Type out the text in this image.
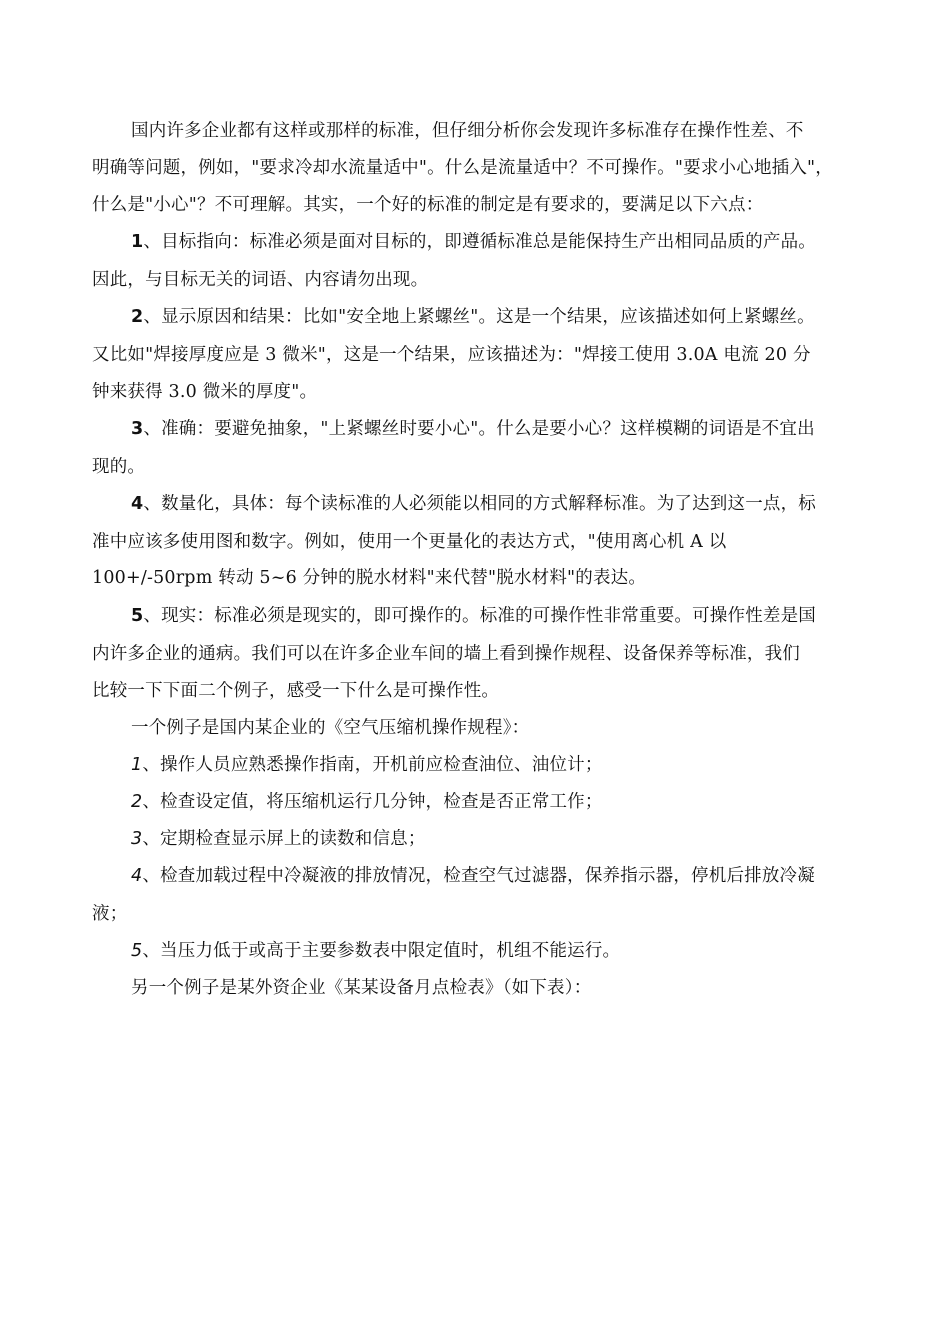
国内许多企业都有这样或那样的标准，但仔细分析你会发现许多标准存在操作性差、不
明确等问题，例如，"要求冷却水流量适中"。什么是流量适中？不可操作。"要求小心地插入"，
什么是"小心"？不可理解。其实，一个好的标准的制定是有要求的，要满足以下六点：
1、目标指向：标准必须是面对目标的，即遵循标准总是能保持生产出相同品质的产品。
因此，与目标无关的词语、内容请勿出现。
2、显示原因和结果：比如"安全地上紧螺丝"。这是一个结果，应该描述如何上紧螺丝。
又比如"焊接厚度应是 3 微米"，这是一个结果，应该描述为："焊接工使用 3.0A 电流 20 分
钟来获得 3.0 微米的厚度"。
3、准确：要避免抽象，"上紧螺丝时要小心"。什么是要小心？这样模糊的词语是不宜出
现的。
4、数量化，具体：每个读标准的人必须能以相同的方式解释标准。为了达到这一点，标
准中应该多使用图和数字。例如，使用一个更量化的表达方式，"使用离心机 A 以
100+/-50rpm 转动 5~6 分钟的脱水材料"来代替"脱水材料"的表达。
5、现实：标准必须是现实的，即可操作的。标准的可操作性非常重要。可操作性差是国
内许多企业的通病。我们可以在许多企业车间的墙上看到操作规程、设备保养等标准，我们
比较一下下面二个例子，感受一下什么是可操作性。
一个例子是国内某企业的《空气压缩机操作规程》：
1、操作人员应熟悉操作指南，开机前应检查油位、油位计；
2、检查设定值，将压缩机运行几分钟，检查是否正常工作；
3、定期检查显示屏上的读数和信息；
4、检查加载过程中冷凝液的排放情况，检查空气过滤器，保养指示器，停机后排放冷凝
液；
5、当压力低于或高于主要参数表中限定值时，机组不能运行。
另一个例子是某外资企业《某某设备月点检表》（如下表）：
